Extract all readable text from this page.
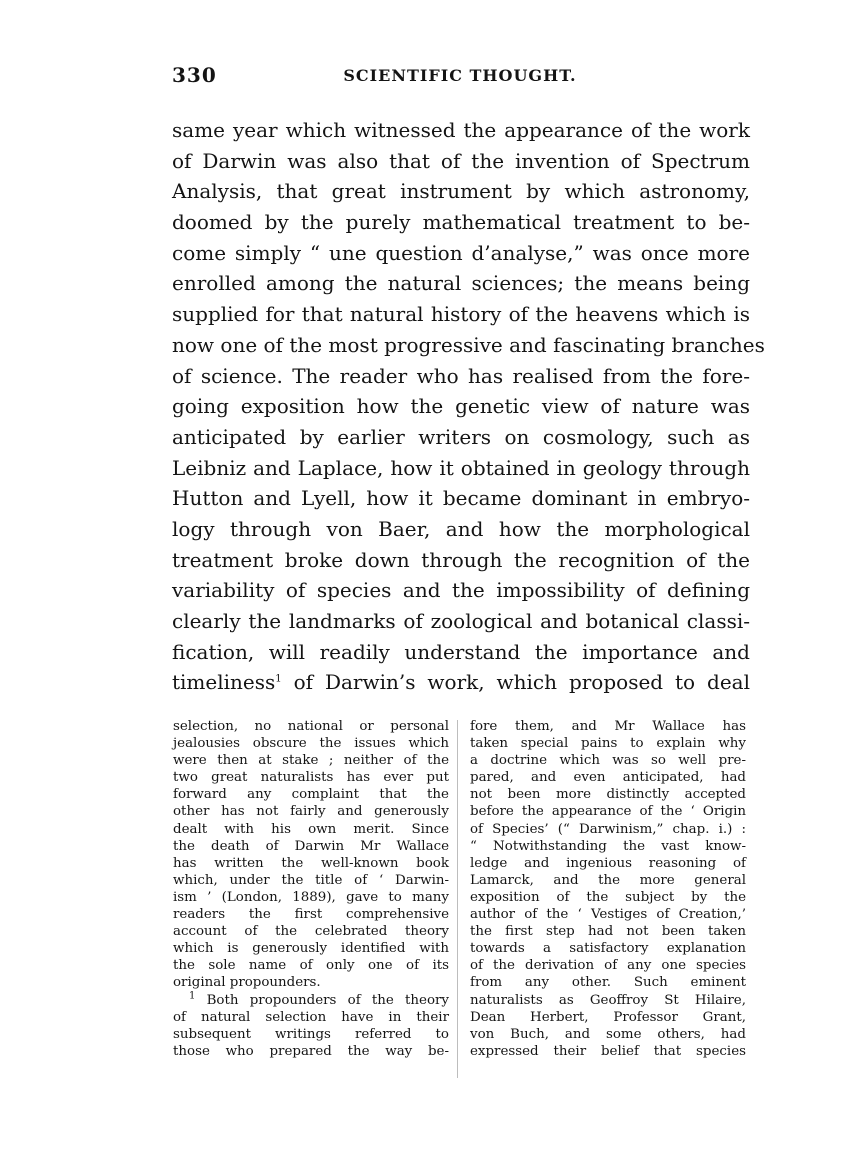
330	SCIENTIFIC THOUGHT.
same year which witnessed the appearance of the work
of Darwin was also that of the invention of Spectrum
Analysis, that great instrument by which astronomy,
doomed by the purely mathematical treatment to be-
come simply “ une question d’analyse,” was once more
enrolled among the natural sciences; the means being
supplied for that natural history of the heavens which is
now one of the most progressive and fascinating branches
of science. The reader who has realised from the fore-
going exposition how the genetic view of nature was
anticipated by earlier writers on cosmology, such as
Leibniz and Laplace, how it obtained in geology through
Hutton and Lyell, how it became dominant in embryo-
logy through von Baer, and how the morphological
treatment broke down through the recognition of the
variability of species and the impossibility of defining
clearly the landmarks of zoological and botanical classi-
fication, will readily understand the importance and
timeliness$^1$ of Darwin’s work, which proposed to deal
selection, no national or personal
jealousies obscure the issues which
were then at stake ; neither of the
two great naturalists has ever put
forward any complaint that the
other has not fairly and generously
dealt with his own merit. Since
the death of Darwin Mr Wallace
has written the well-known book
which, under the title of ‘ Darwin-
ism ’ (London, 1889), gave to many
readers the first comprehensive
account of the celebrated theory
which is generously identified with
the sole name of only one of its
original propounders.
$^1$ Both propounders of the theory
of natural selection have in their
subsequent writings referred to
those who prepared the way be-
fore them, and Mr Wallace has
taken special pains to explain why
a doctrine which was so well pre-
pared, and even anticipated, had
not been more distinctly accepted
before the appearance of the ‘ Origin
of Species’ (“ Darwinism,” chap. i.) :
“ Notwithstanding the vast know-
ledge and ingenious reasoning of
Lamarck, and the more general
exposition of the subject by the
author of the ‘ Vestiges of Creation,’
the first step had not been taken
towards a satisfactory explanation
of the derivation of any one species
from any other. Such eminent
naturalists as Geoffroy St Hilaire,
Dean Herbert, Professor Grant,
von Buch, and some others, had
expressed their belief that species
